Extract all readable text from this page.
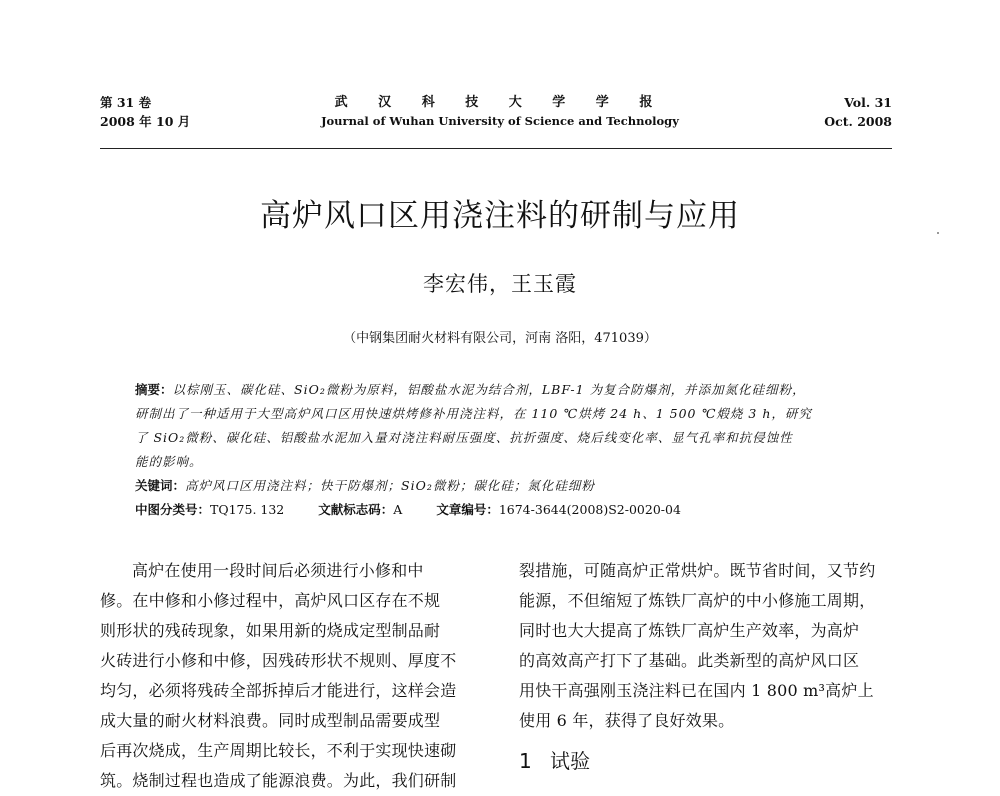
第 31 卷
2008 年 10 月
武 汉 科 技 大 学 学 报
Journal of Wuhan University of Science and Technology
Vol. 31
Oct. 2008
高炉风口区用浇注料的研制与应用
李宏伟，王玉霞
（中钢集团耐火材料有限公司，河南 洛阳，471039）

摘要：以棕刚玉、碳化硅、SiO₂微粉为原料，铝酸盐水泥为结合剂，LBF-1 为复合防爆剂，并添加氮化硅细粉，

研制出了一种适用于大型高炉风口区用快速烘烤修补用浇注料，在 110 ℃烘烤 24 h、1 500 ℃煅烧 3 h，研究

了 SiO₂微粉、碳化硅、铝酸盐水泥加入量对浇注料耐压强度、抗折强度、烧后线变化率、显气孔率和抗侵蚀性

能的影响。

关键词：高炉风口区用浇注料；快干防爆剂；SiO₂微粉；碳化硅；氮化硅细粉

中图分类号：TQ175. 132	文献标志码：A	文章编号：1674-3644(2008)S2-0020-04

高炉在使用一段时间后必须进行小修和中

修。在中修和小修过程中，高炉风口区存在不规

则形状的残砖现象，如果用新的烧成定型制品耐

火砖进行小修和中修，因残砖形状不规则、厚度不

均匀，必须将残砖全部拆掉后才能进行，这样会造

成大量的耐火材料浪费。同时成型制品需要成型

后再次烧成，生产周期比较长，不利于实现快速砌

筑。烧制过程也造成了能源浪费。为此，我们研制

裂措施，可随高炉正常烘炉。既节省时间，又节约

能源，不但缩短了炼铁厂高炉的中小修施工周期，

同时也大大提高了炼铁厂高炉生产效率，为高炉

的高效高产打下了基础。此类新型的高炉风口区

用快干高强刚玉浇注料已在国内 1 800 m³高炉上

使用 6 年，获得了良好效果。

1 试验
